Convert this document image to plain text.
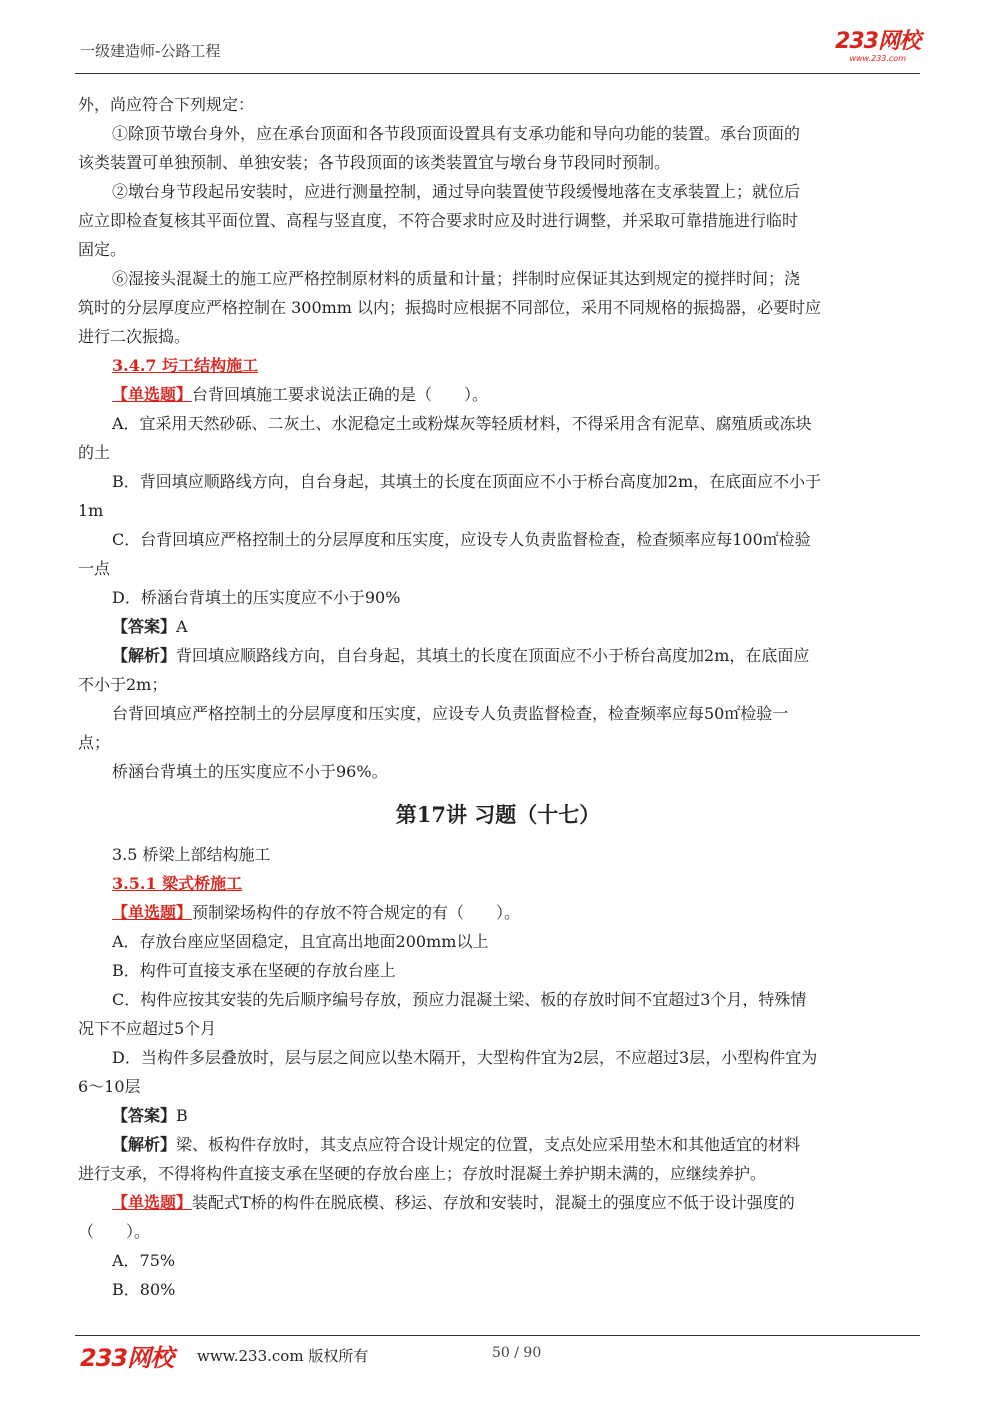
一级建造师-公路工程	233网校
www.233.com

外，尚应符合下列规定：

①除顶节墩台身外，应在承台顶面和各节段顶面设置具有支承功能和导向功能的装置。承台顶面的

该类装置可单独预制、单独安装；各节段顶面的该类装置宜与墩台身节段同时预制。

②墩台身节段起吊安装时，应进行测量控制，通过导向装置使节段缓慢地落在支承装置上；就位后

应立即检查复核其平面位置、高程与竖直度，不符合要求时应及时进行调整，并采取可靠措施进行临时

固定。

⑥湿接头混凝土的施工应严格控制原材料的质量和计量；拌制时应保证其达到规定的搅拌时间；浇

筑时的分层厚度应严格控制在 300mm 以内；振捣时应根据不同部位，采用不同规格的振捣器，必要时应

进行二次振捣。

3.4.7 圬工结构施工

【单选题】台背回填施工要求说法正确的是（　　）。

A．宜采用天然砂砾、二灰土、水泥稳定土或粉煤灰等轻质材料，不得采用含有泥草、腐殖质或冻块

的土

B．背回填应顺路线方向，自台身起，其填土的长度在顶面应不小于桥台高度加2m，在底面应不小于

1m

C．台背回填应严格控制土的分层厚度和压实度，应设专人负责监督检查，检查频率应每100㎡检验

一点

D．桥涵台背填土的压实度应不小于90%

【答案】A

【解析】背回填应顺路线方向，自台身起，其填土的长度在顶面应不小于桥台高度加2m，在底面应

不小于2m；

台背回填应严格控制土的分层厚度和压实度，应设专人负责监督检查，检查频率应每50㎡检验一

点；

桥涵台背填土的压实度应不小于96%。

第17讲 习题（十七）

3.5 桥梁上部结构施工

3.5.1 梁式桥施工

【单选题】预制梁场构件的存放不符合规定的有（　　）。

A．存放台座应坚固稳定，且宜高出地面200mm以上

B．构件可直接支承在坚硬的存放台座上

C．构件应按其安装的先后顺序编号存放，预应力混凝土梁、板的存放时间不宜超过3个月，特殊情

况下不应超过5个月

D．当构件多层叠放时，层与层之间应以垫木隔开，大型构件宜为2层，不应超过3层，小型构件宜为

6～10层

【答案】B

【解析】梁、板构件存放时，其支点应符合设计规定的位置，支点处应采用垫木和其他适宜的材料

进行支承，不得将构件直接支承在坚硬的存放台座上；存放时混凝土养护期未满的，应继续养护。

【单选题】装配式T桥的构件在脱底模、移运、存放和安装时，混凝土的强度应不低于设计强度的

（　　）。

A．75%

B．80%

233网校 www.233.com 版权所有	50 / 90
